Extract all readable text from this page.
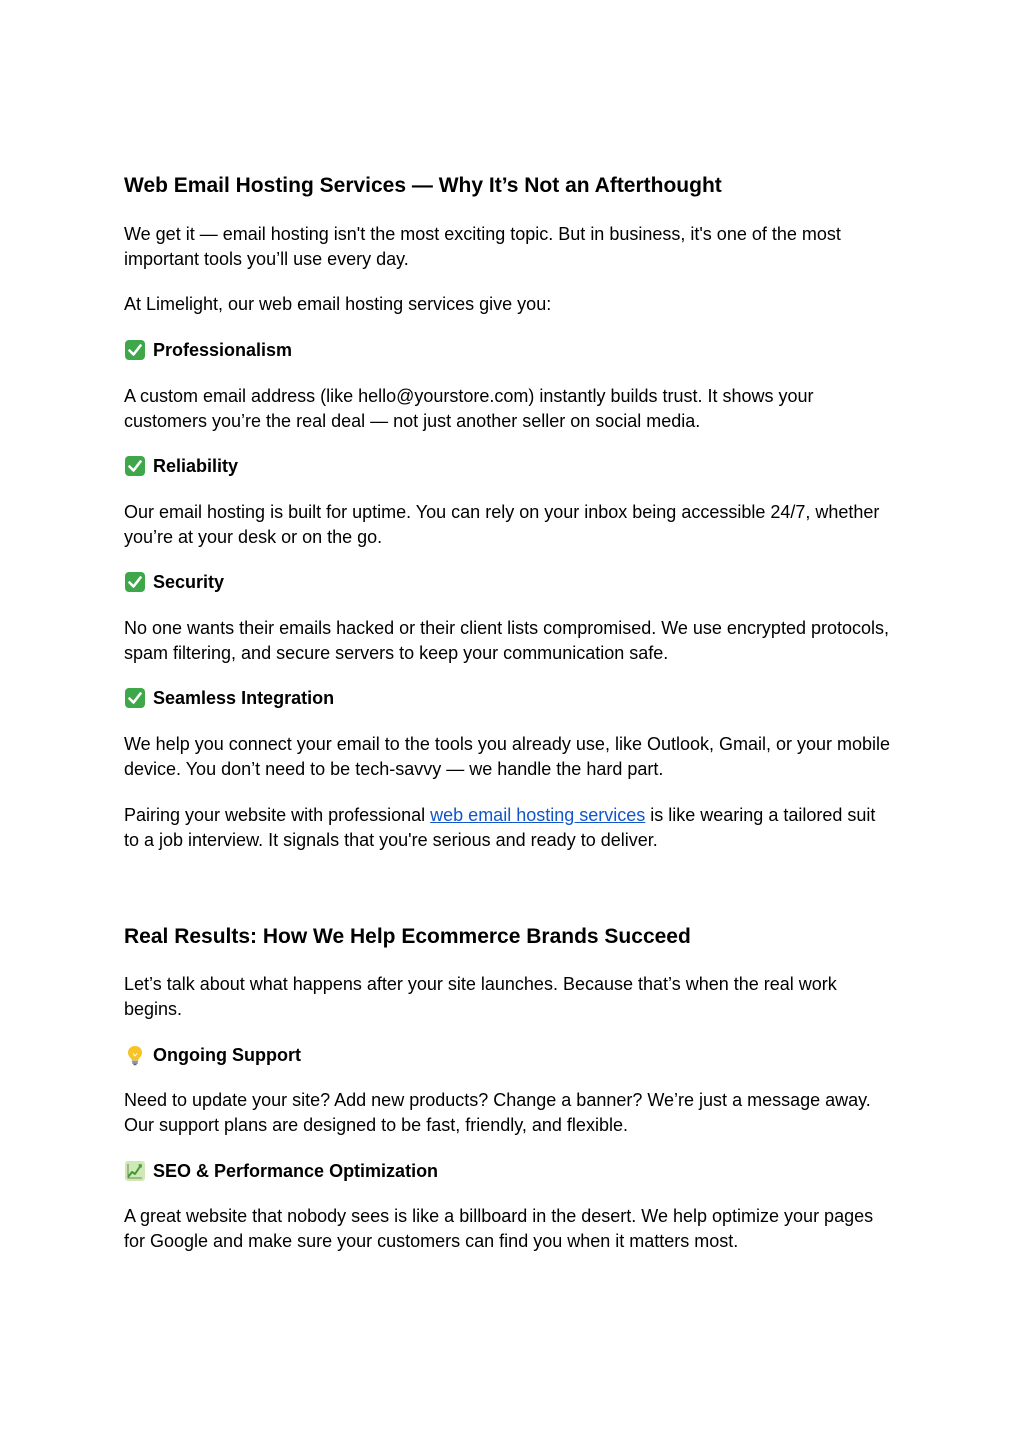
Web Email Hosting Services — Why It’s Not an Afterthought

We get it — email hosting isn't the most exciting topic. But in business, it's one of the most important tools you’ll use every day.

At Limelight, our web email hosting services give you:

Professionalism

A custom email address (like hello@yourstore.com) instantly builds trust. It shows your customers you’re the real deal — not just another seller on social media.

Reliability

Our email hosting is built for uptime. You can rely on your inbox being accessible 24/7, whether you’re at your desk or on the go.

Security

No one wants their emails hacked or their client lists compromised. We use encrypted protocols, spam filtering, and secure servers to keep your communication safe.

Seamless Integration

We help you connect your email to the tools you already use, like Outlook, Gmail, or your mobile device. You don’t need to be tech-savvy — we handle the hard part.

Pairing your website with professional web email hosting services is like wearing a tailored suit to a job interview. It signals that you're serious and ready to deliver.

Real Results: How We Help Ecommerce Brands Succeed

Let’s talk about what happens after your site launches. Because that’s when the real work begins.

Ongoing Support

Need to update your site? Add new products? Change a banner? We’re just a message away. Our support plans are designed to be fast, friendly, and flexible.

SEO & Performance Optimization

A great website that nobody sees is like a billboard in the desert. We help optimize your pages for Google and make sure your customers can find you when it matters most.
